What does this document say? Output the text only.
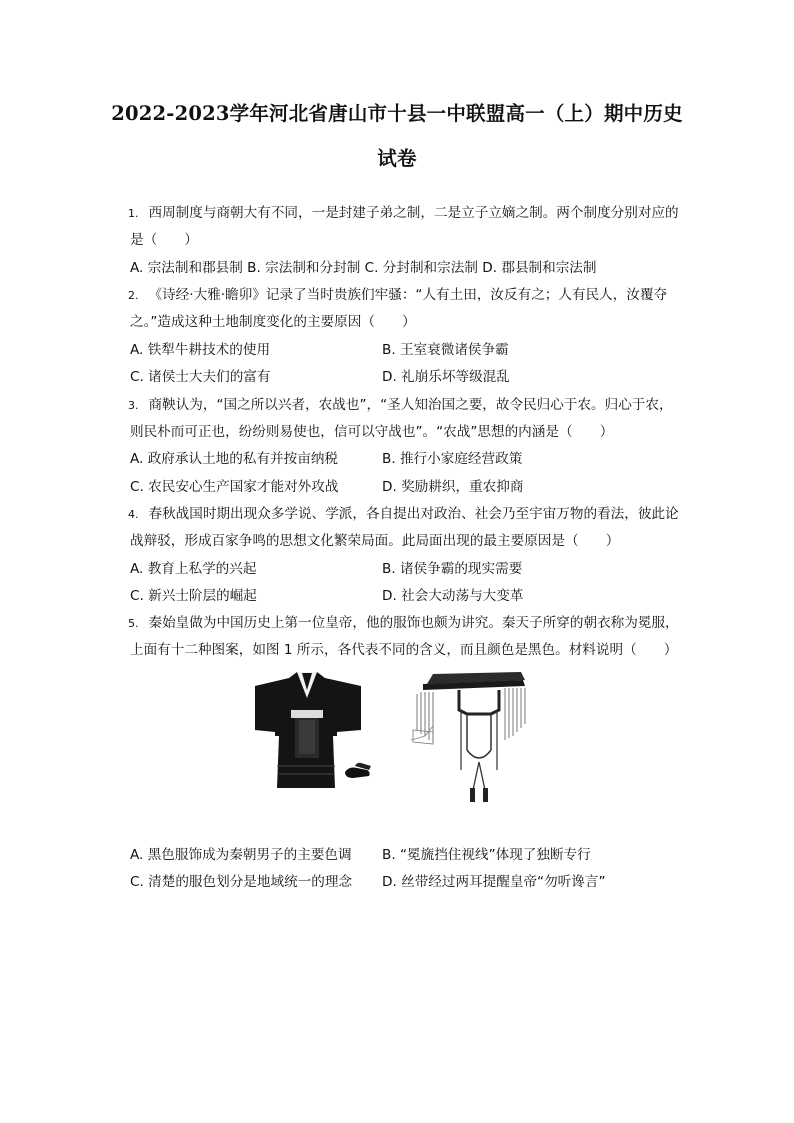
2022-2023学年河北省唐山市十县一中联盟高一（上）期中历史
试卷
1. 西周制度与商朝大有不同，一是封建子弟之制，二是立子立嫡之制。两个制度分别对应的
是（　　）
A. 宗法制和郡县制 B. 宗法制和分封制 C. 分封制和宗法制 D. 郡县制和宗法制
2. 《诗经·大雅·瞻卯》记录了当时贵族们牢骚：“人有土田，汝反有之；人有民人，汝覆夺
之。”造成这种土地制度变化的主要原因（　　）
A. 铁犁牛耕技术的使用	B. 王室衰微诸侯争霸
C. 诸侯士大夫们的富有	D. 礼崩乐坏等级混乱
3. 商鞅认为，“国之所以兴者，农战也”，“圣人知治国之要，故令民归心于农。归心于农，
则民朴而可正也，纷纷则易使也，信可以守战也”。“农战”思想的内涵是（　　）
A. 政府承认土地的私有并按亩纳税	B. 推行小家庭经营政策
C. 农民安心生产国家才能对外攻战	D. 奖励耕织，重农抑商
4. 春秋战国时期出现众多学说、学派，各自提出对政治、社会乃至宇宙万物的看法，彼此论
战辩驳，形成百家争鸣的思想文化繁荣局面。此局面出现的最主要原因是（　　）
A. 教育上私学的兴起	B. 诸侯争霸的现实需要
C. 新兴士阶层的崛起	D. 社会大动荡与大变革
5. 秦始皇做为中国历史上第一位皇帝，他的服饰也颇为讲究。秦天子所穿的朝衣称为冕服，
上面有十二种图案，如图 1 所示，各代表不同的含义，而且颜色是黑色。材料说明（　　）
A. 黑色服饰成为秦朝男子的主要色调 B. “冕旒挡住视线”体现了独断专行
C. 清楚的服色划分是地域统一的理念 D. 丝带经过两耳提醒皇帝“勿听谗言”
